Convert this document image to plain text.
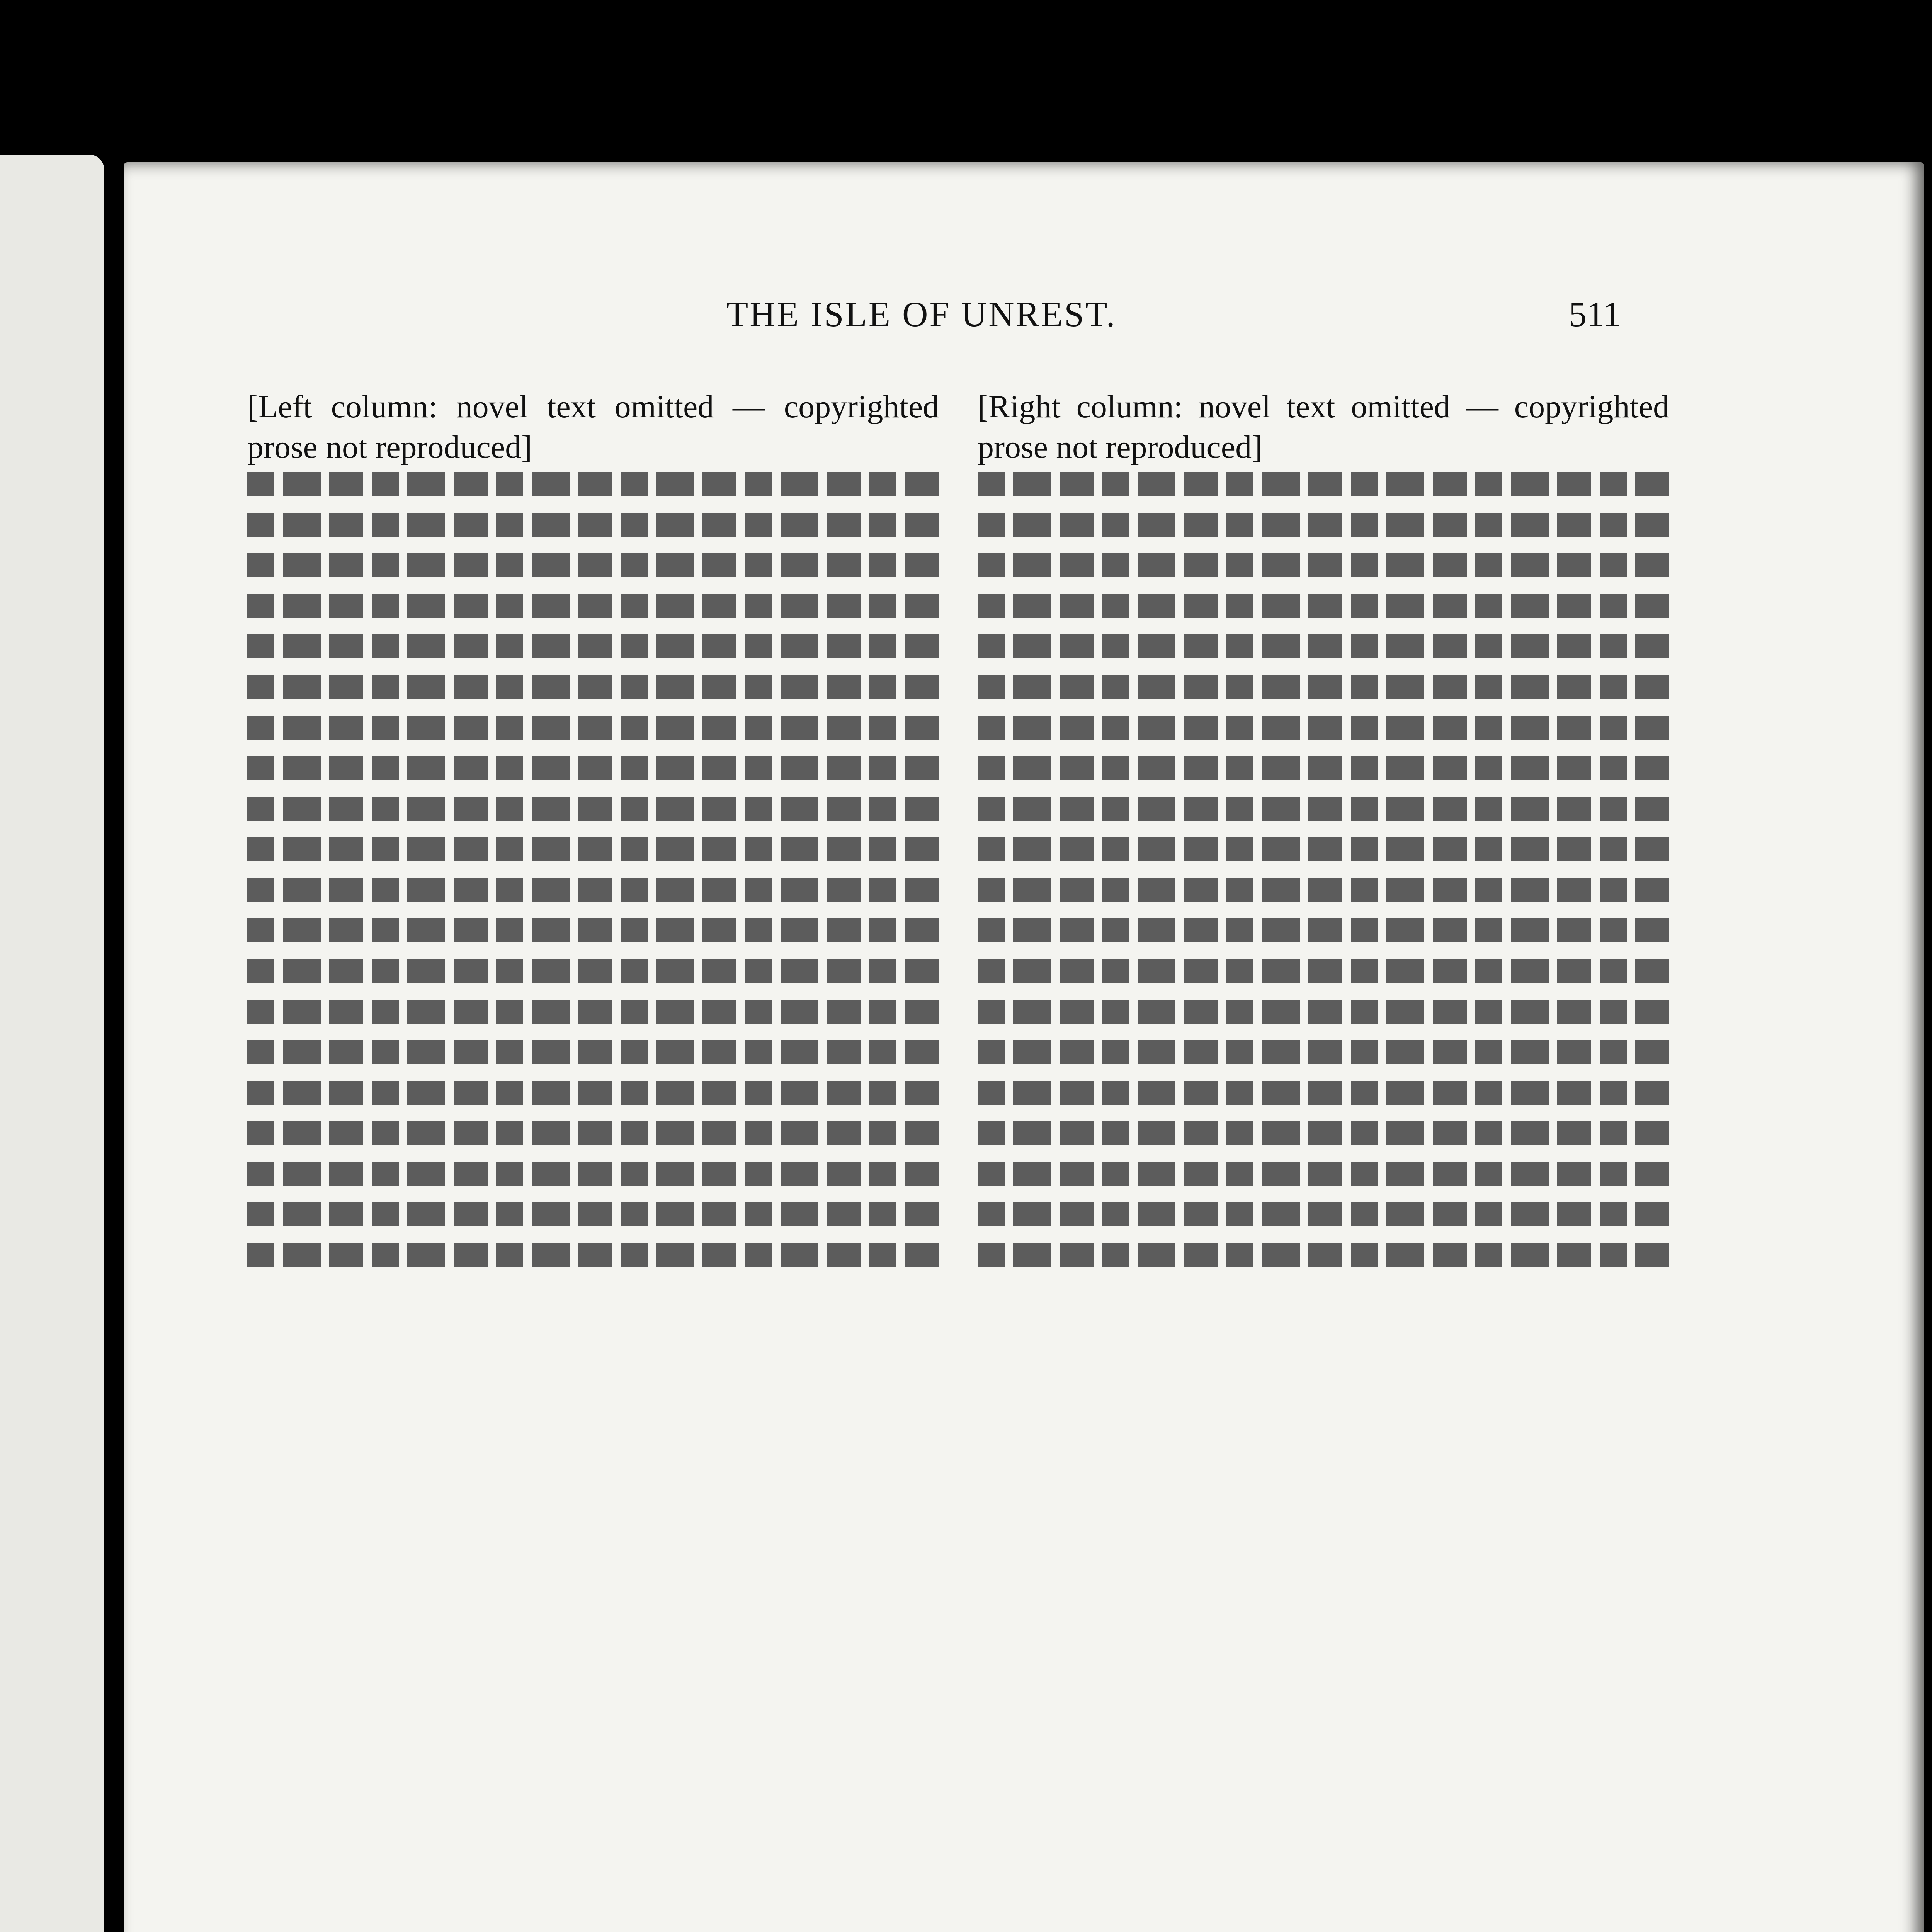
THE ISLE OF UNREST.	511

[Left column: novel text omitted — copyrighted prose not reproduced]

[Right column: novel text omitted — copyrighted prose not reproduced]
